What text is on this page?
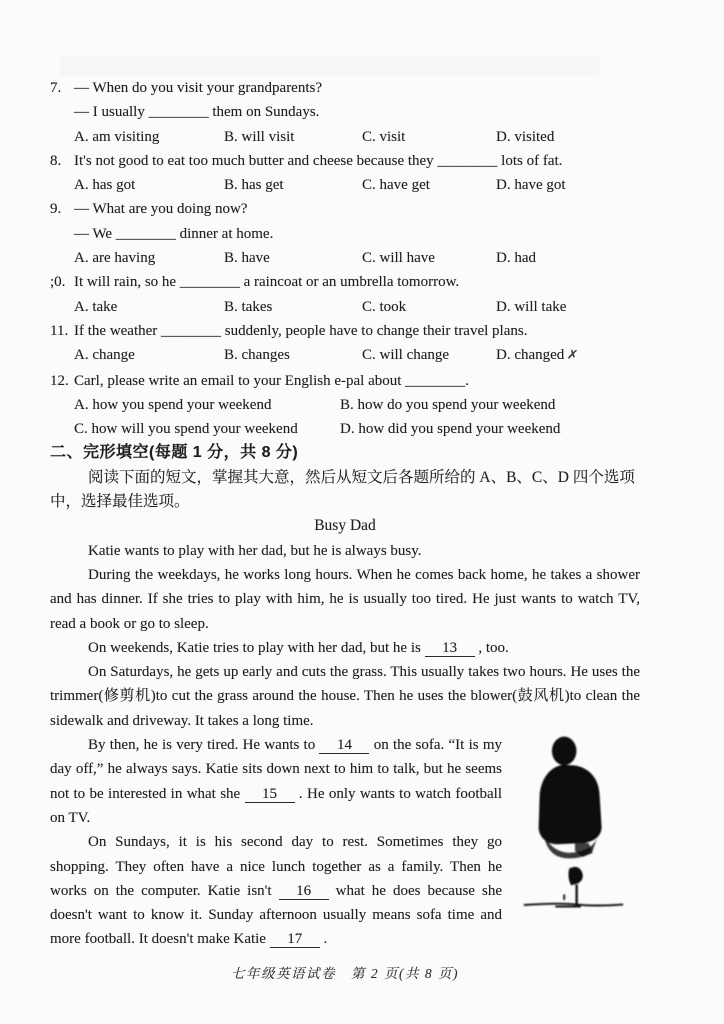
7. — When do you visit your grandparents?
— I usually ________ them on Sundays.
A. am visiting	B. will visit	C. visit	D. visited
8. It's not good to eat too much butter and cheese because they ________ lots of fat.
A. has got	B. has get	C. have get	D. have got
9. — What are you doing now?
— We ________ dinner at home.
A. are having	B. have	C. will have	D. had
;0. It will rain, so he ________ a raincoat or an umbrella tomorrow.
A. take	B. takes	C. took	D. will take
11. If the weather ________ suddenly, people have to change their travel plans.
A. change	B. changes	C. will change	D. changed ✗
12. Carl, please write an email to your English e-pal about ________.
A. how you spend your weekend	B. how do you spend your weekend
C. how will you spend your weekend	D. how did you spend your weekend
二、完形填空(每题 1 分，共 8 分)

阅读下面的短文，掌握其大意，然后从短文后各题所给的 A、B、C、D 四个选项中，选择最佳选项。

Busy Dad

Katie wants to play with her dad, but he is always busy.

During the weekdays, he works long hours. When he comes back home, he takes a shower and has dinner. If she tries to play with him, he is usually too tired. He just wants to watch TV, read a book or go to sleep.

On weekends, Katie tries to play with her dad, but he is 13 , too.

On Saturdays, he gets up early and cuts the grass. This usually takes two hours. He uses the trimmer(修剪机)to cut the grass around the house. Then he uses the blower(鼓风机)to clean the sidewalk and driveway. It takes a long time.

By then, he is very tired. He wants to 14 on the sofa. “It is my day off,” he always says. Katie sits down next to him to talk, but he seems not to be interested in what she 15 . He only wants to watch football on TV.

On Sundays, it is his second day to rest. Sometimes they go shopping. They often have a nice lunch together as a family. Then he works on the computer. Katie isn't 16 what he does because she doesn't want to know it. Sunday afternoon usually means sofa time and more football. It doesn't make Katie 17 .

七年级英语试卷　第 2 页(共 8 页)
